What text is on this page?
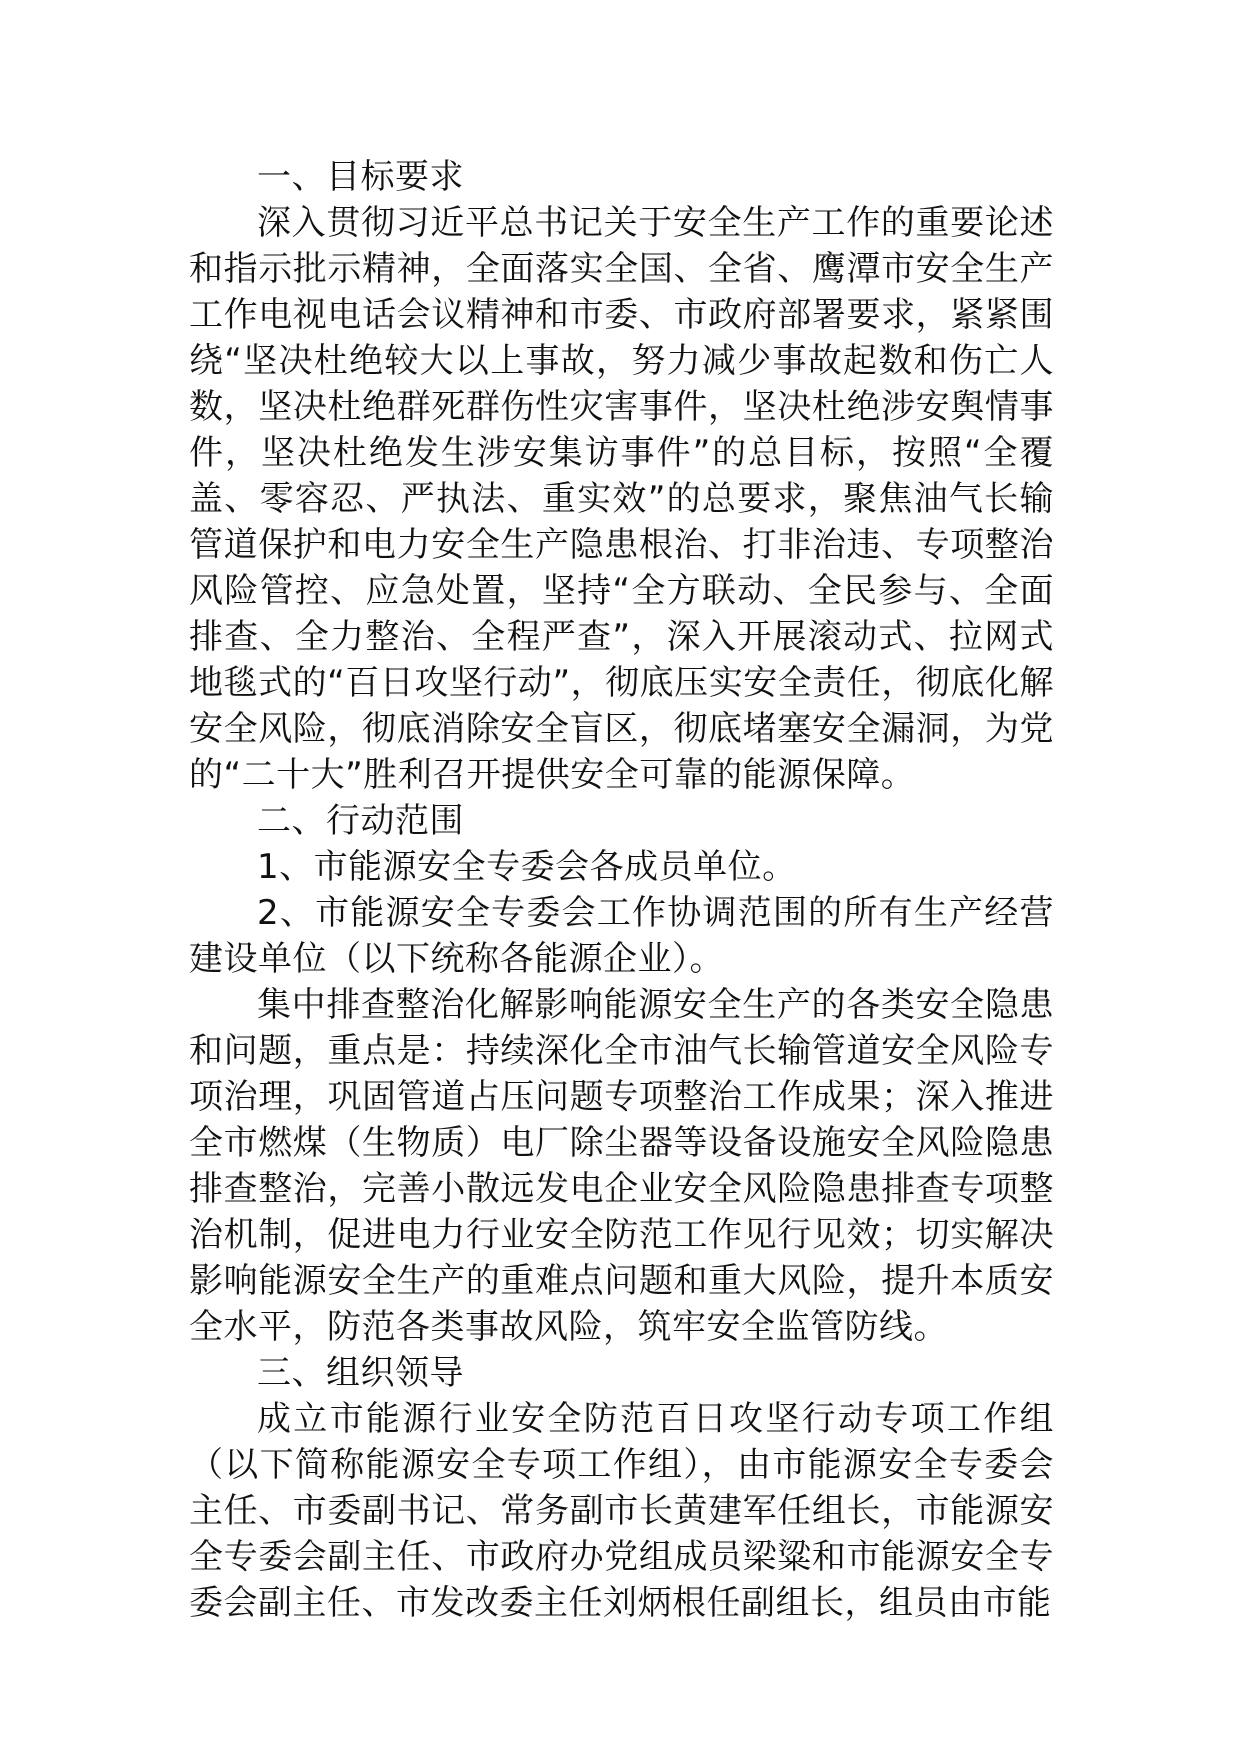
一、目标要求

深入贯彻习近平总书记关于安全生产工作的重要论述和指示批示精神，全面落实全国、全省、鹰潭市安全生产工作电视电话会议精神和市委、市政府部署要求，紧紧围绕“坚决杜绝较大以上事故，努力减少事故起数和伤亡人数，坚决杜绝群死群伤性灾害事件，坚决杜绝涉安舆情事件，坚决杜绝发生涉安集访事件”的总目标，按照“全覆盖、零容忍、严执法、重实效”的总要求，聚焦油气长输管道保护和电力安全生产隐患根治、打非治违、专项整治风险管控、应急处置，坚持“全方联动、全民参与、全面排查、全力整治、全程严查”，深入开展滚动式、拉网式地毯式的“百日攻坚行动”，彻底压实安全责任，彻底化解安全风险，彻底消除安全盲区，彻底堵塞安全漏洞，为党的“二十大”胜利召开提供安全可靠的能源保障。

二、行动范围

1、市能源安全专委会各成员单位。

2、市能源安全专委会工作协调范围的所有生产经营建设单位（以下统称各能源企业）。

集中排查整治化解影响能源安全生产的各类安全隐患和问题，重点是：持续深化全市油气长输管道安全风险专项治理，巩固管道占压问题专项整治工作成果；深入推进全市燃煤（生物质）电厂除尘器等设备设施安全风险隐患排查整治，完善小散远发电企业安全风险隐患排查专项整治机制，促进电力行业安全防范工作见行见效；切实解决影响能源安全生产的重难点问题和重大风险，提升本质安全水平，防范各类事故风险，筑牢安全监管防线。

三、组织领导

成立市能源行业安全防范百日攻坚行动专项工作组（以下简称能源安全专项工作组），由市能源安全专委会主任、市委副书记、常务副市长黄建军任组长，市能源安全专委会副主任、市政府办党组成员梁粱和市能源安全专委会副主任、市发改委主任刘炳根任副组长，组员由市能
